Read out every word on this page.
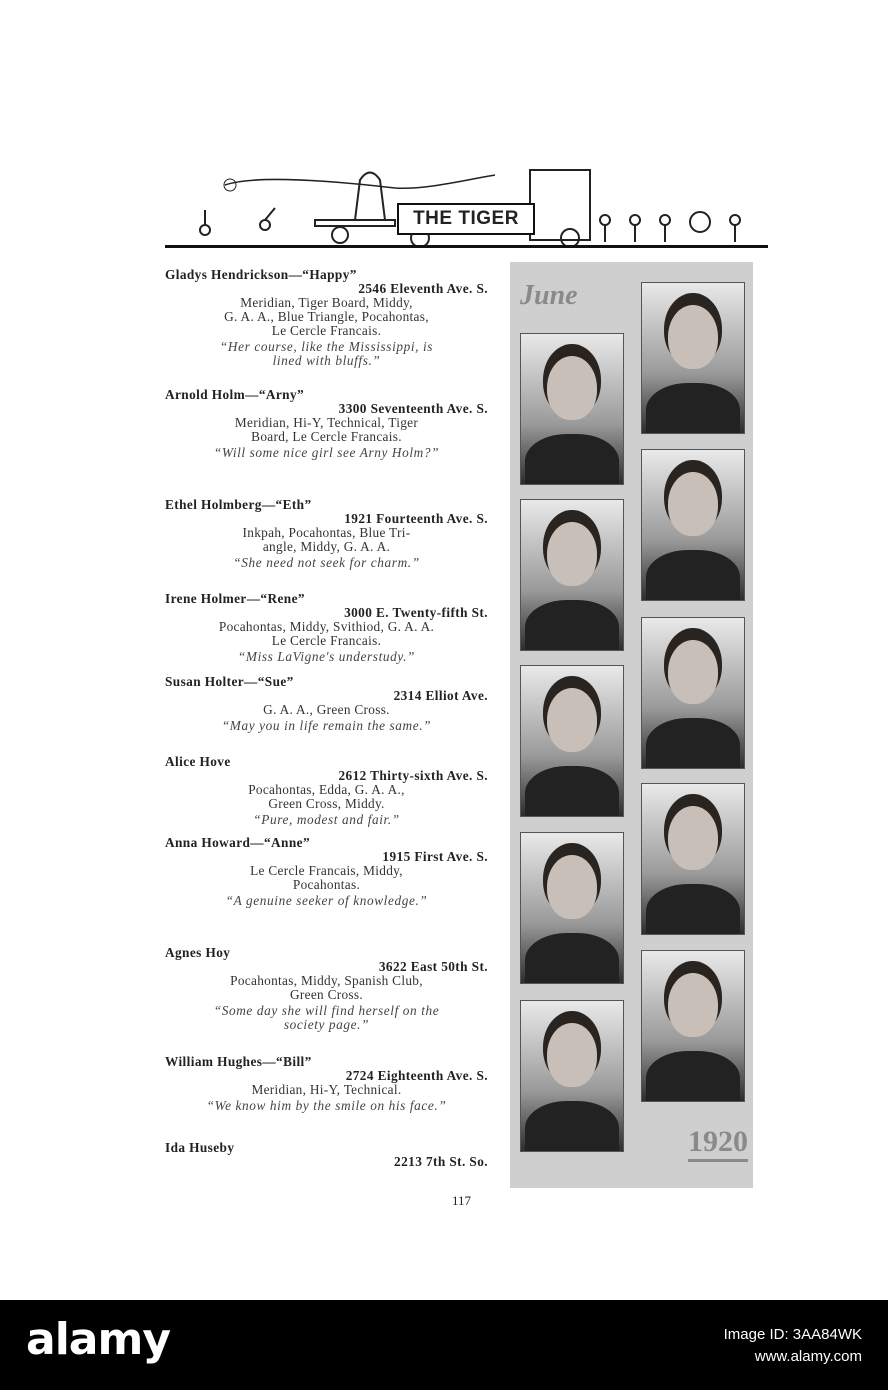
THE TIGER
Gladys Hendrickson—“Happy”
2546 Eleventh Ave. S.
Meridian, Tiger Board, Middy,
G. A. A., Blue Triangle, Pocahontas,
Le Cercle Francais.
“Her course, like the Mississippi, is
lined with bluffs.”
Arnold Holm—“Arny”
3300 Seventeenth Ave. S.
Meridian, Hi-Y, Technical, Tiger
Board, Le Cercle Francais.
“Will some nice girl see Arny Holm?”
Ethel Holmberg—“Eth”
1921 Fourteenth Ave. S.
Inkpah, Pocahontas, Blue Tri-
angle, Middy, G. A. A.
“She need not seek for charm.”
Irene Holmer—“Rene”
3000 E. Twenty-fifth St.
Pocahontas, Middy, Svithiod, G. A. A.
Le Cercle Francais.
“Miss LaVigne's understudy.”
Susan Holter—“Sue”
2314 Elliot Ave.
G. A. A., Green Cross.
“May you in life remain the same.”
Alice Hove
2612 Thirty-sixth Ave. S.
Pocahontas, Edda, G. A. A.,
Green Cross, Middy.
“Pure, modest and fair.”
Anna Howard—“Anne”
1915 First Ave. S.
Le Cercle Francais, Middy,
Pocahontas.
“A genuine seeker of knowledge.”
Agnes Hoy
3622 East 50th St.
Pocahontas, Middy, Spanish Club,
Green Cross.
“Some day she will find herself on the
society page.”
William Hughes—“Bill”
2724 Eighteenth Ave. S.
Meridian, Hi-Y, Technical.
“We know him by the smile on his face.”
Ida Huseby
2213 7th St. So.
June
1920
117
alamy	Image ID: 3AA84WK
www.alamy.com
